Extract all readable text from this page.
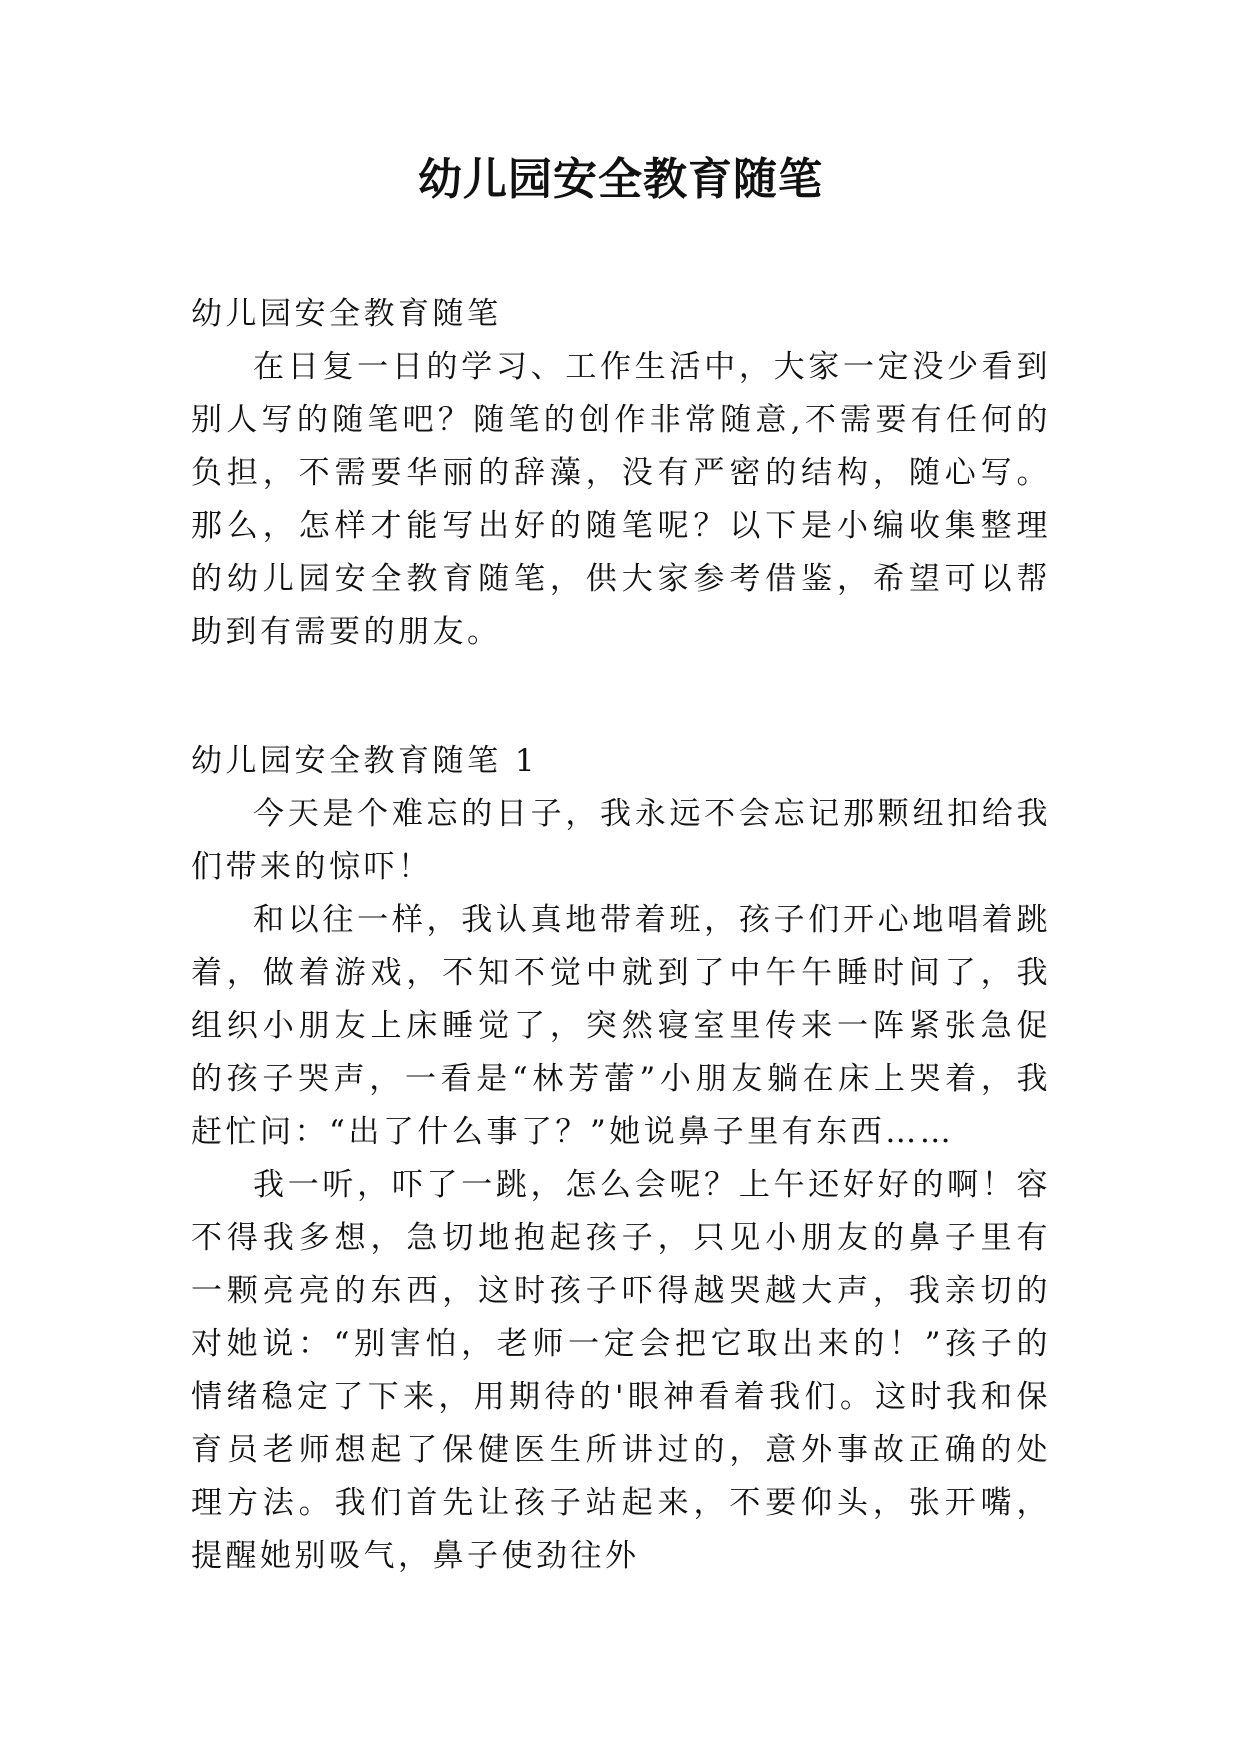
幼儿园安全教育随笔

幼儿园安全教育随笔

在日复一日的学习、工作生活中，大家一定没少看到别人写的随笔吧？随笔的创作非常随意,不需要有任何的负担，不需要华丽的辞藻，没有严密的结构，随心写。那么，怎样才能写出好的随笔呢？以下是小编收集整理的幼儿园安全教育随笔，供大家参考借鉴，希望可以帮助到有需要的朋友。

幼儿园安全教育随笔 1

今天是个难忘的日子，我永远不会忘记那颗纽扣给我们带来的惊吓！

和以往一样，我认真地带着班，孩子们开心地唱着跳着，做着游戏，不知不觉中就到了中午午睡时间了，我组织小朋友上床睡觉了，突然寝室里传来一阵紧张急促的孩子哭声，一看是“林芳蕾”小朋友躺在床上哭着，我赶忙问：“出了什么事了？”她说鼻子里有东西……

我一听，吓了一跳，怎么会呢？上午还好好的啊！容不得我多想，急切地抱起孩子，只见小朋友的鼻子里有一颗亮亮的东西，这时孩子吓得越哭越大声，我亲切的对她说：“别害怕，老师一定会把它取出来的！”孩子的情绪稳定了下来，用期待的'眼神看着我们。这时我和保育员老师想起了保健医生所讲过的，意外事故正确的处理方法。我们首先让孩子站起来，不要仰头，张开嘴，提醒她别吸气，鼻子使劲往外
